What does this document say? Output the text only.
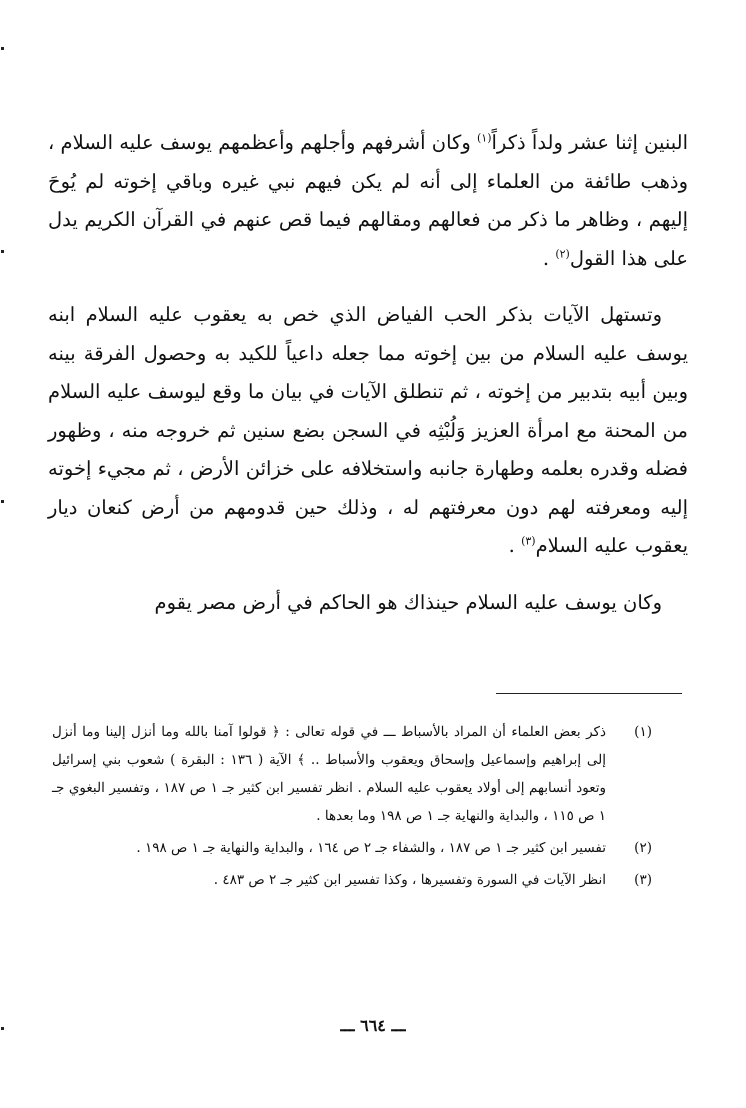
البنين إثنا عشر ولداً ذكراً$^{(١)}$ وكان أشرفهم وأجلهم وأعظمهم يوسف عليه السلام ، وذهب طائفة من العلماء إلى أنه لم يكن فيهم نبي غيره وباقي إخوته لم يُوحَ إليهم ، وظاهر ما ذكر من فعالهم ومقالهم فيما قص عنهم في القرآن الكريم يدل على هذا القول$^{(٢)}$ .

وتستهل الآيات بذكر الحب الفياض الذي خص به يعقوب عليه السلام ابنه يوسف عليه السلام من بين إخوته مما جعله داعياً للكيد به وحصول الفرقة بينه وبين أبيه بتدبير من إخوته ، ثم تنطلق الآيات في بيان ما وقع ليوسف عليه السلام من المحنة مع امرأة العزيز وَلُبْثِه في السجن بضع سنين ثم خروجه منه ، وظهور فضله وقدره بعلمه وطهارة جانبه واستخلافه على خزائن الأرض ، ثم مجيء إخوته إليه ومعرفته لهم دون معرفتهم له ، وذلك حين قدومهم من أرض كنعان ديار يعقوب عليه السلام$^{(٣)}$ .

وكان يوسف عليه السلام حينذاك هو الحاكم في أرض مصر يقوم

(١)
ذكر بعض العلماء أن المراد بالأسباط ـــ في قوله تعالى : ﴿ قولوا آمنا بالله وما أنزل إلينا وما أنزل إلى إبراهيم وإسماعيل وإسحاق ويعقوب والأسباط .. ﴾ الآية ( ١٣٦ : البقرة ) شعوب بني إسرائيل وتعود أنسابهم إلى أولاد يعقوب عليه السلام . انظر تفسير ابن كثير جـ ١ ص ١٨٧ ، وتفسير البغوي جـ ١ ص ١١٥ ، والبداية والنهاية جـ ١ ص ١٩٨ وما بعدها .
(٢)
تفسير ابن كثير جـ ١ ص ١٨٧ ، والشفاء جـ ٢ ص ١٦٤ ، والبداية والنهاية جـ ١ ص ١٩٨ .
(٣)
انظر الآيات في السورة وتفسيرها ، وكذا تفسير ابن كثير جـ ٢ ص ٤٨٣ .
ـــ ٦٦٤ ـــ
